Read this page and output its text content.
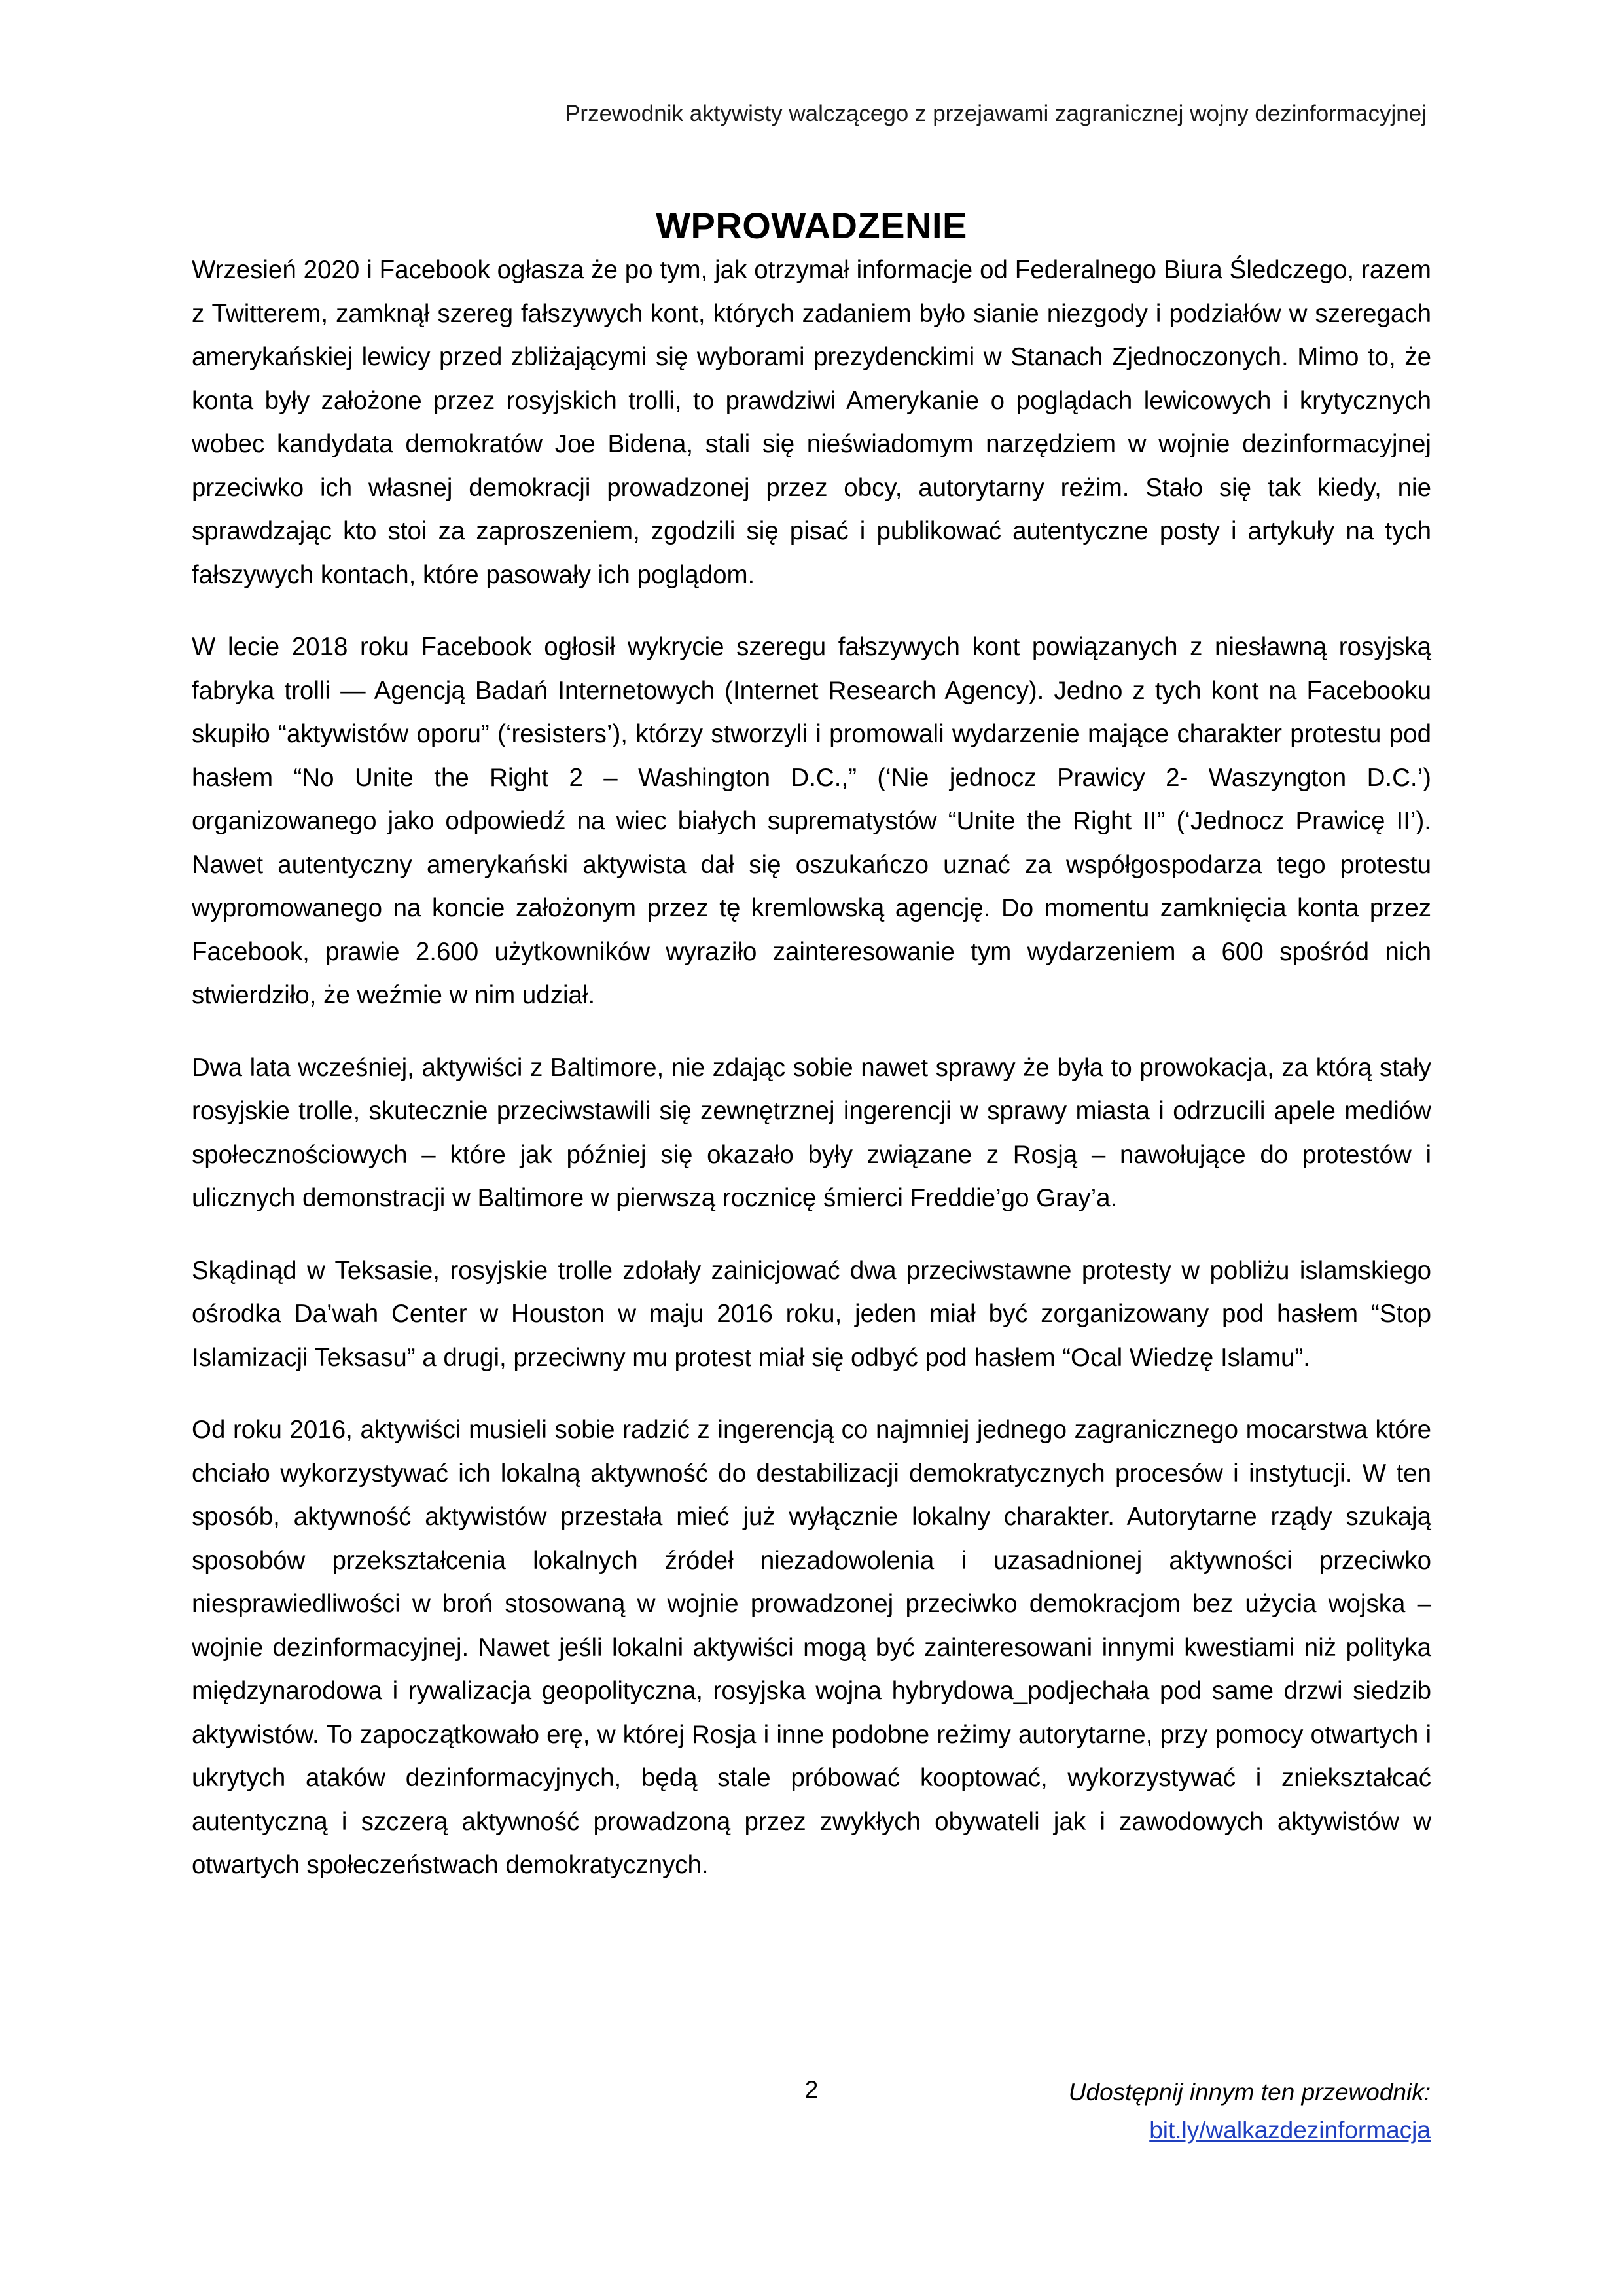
Przewodnik aktywisty walczącego z przejawami zagranicznej wojny dezinformacyjnej
WPROWADZENIE

Wrzesień 2020 i Facebook ogłasza że po tym, jak otrzymał informacje od Federalnego Biura Śledczego, razem z Twitterem, zamknął szereg fałszywych kont, których zadaniem było sianie niezgody i podziałów w szeregach amerykańskiej lewicy przed zbliżającymi się wyborami prezydenckimi w Stanach Zjednoczonych. Mimo to, że konta były założone przez rosyjskich trolli, to prawdziwi Amerykanie o poglądach lewicowych i krytycznych wobec kandydata demokratów Joe Bidena, stali się nieświadomym narzędziem w wojnie dezinformacyjnej przeciwko ich własnej demokracji prowadzonej przez obcy, autorytarny reżim. Stało się tak kiedy, nie sprawdzając kto stoi za zaproszeniem, zgodzili się pisać i publikować autentyczne posty i artykuły na tych fałszywych kontach, które pasowały ich poglądom.

W lecie 2018 roku Facebook ogłosił wykrycie szeregu fałszywych kont powiązanych z niesławną rosyjską fabryka trolli — Agencją Badań Internetowych (Internet Research Agency). Jedno z tych kont na Facebooku skupiło “aktywistów oporu” (‘resisters’), którzy stworzyli i promowali wydarzenie mające charakter protestu pod hasłem “No Unite the Right 2 – Washington D.C.,” (‘Nie jednocz Prawicy 2- Waszyngton D.C.’) organizowanego jako odpowiedź na wiec białych suprematystów “Unite the Right II” (‘Jednocz Prawicę II’). Nawet autentyczny amerykański aktywista dał się oszukańczo uznać za współgospodarza tego protestu wypromowanego na koncie założonym przez tę kremlowską agencję. Do momentu zamknięcia konta przez Facebook, prawie 2.600 użytkowników wyraziło zainteresowanie tym wydarzeniem a 600 spośród nich stwierdziło, że weźmie w nim udział.

Dwa lata wcześniej, aktywiści z Baltimore, nie zdając sobie nawet sprawy że była to prowokacja, za którą stały rosyjskie trolle, skutecznie przeciwstawili się zewnętrznej ingerencji w sprawy miasta i odrzucili apele mediów społecznościowych – które jak później się okazało były związane z Rosją – nawołujące do protestów i ulicznych demonstracji w Baltimore w pierwszą rocznicę śmierci Freddie’go Gray’a.

Skądinąd w Teksasie, rosyjskie trolle zdołały zainicjować dwa przeciwstawne protesty w pobliżu islamskiego ośrodka Da’wah Center w Houston w maju 2016 roku, jeden miał być zorganizowany pod hasłem “Stop Islamizacji Teksasu” a drugi, przeciwny mu protest miał się odbyć pod hasłem “Ocal Wiedzę Islamu”.

Od roku 2016, aktywiści musieli sobie radzić z ingerencją co najmniej jednego zagranicznego mocarstwa które chciało wykorzystywać ich lokalną aktywność do destabilizacji demokratycznych procesów i instytucji. W ten sposób, aktywność aktywistów przestała mieć już wyłącznie lokalny charakter. Autorytarne rządy szukają sposobów przekształcenia lokalnych źródeł niezadowolenia i uzasadnionej aktywności przeciwko niesprawiedliwości w broń stosowaną w wojnie prowadzonej przeciwko demokracjom bez użycia wojska – wojnie dezinformacyjnej. Nawet jeśli lokalni aktywiści mogą być zainteresowani innymi kwestiami niż polityka międzynarodowa i rywalizacja geopolityczna, rosyjska wojna hybrydowa_podjechała pod same drzwi siedzib aktywistów. To zapoczątkowało erę, w której Rosja i inne podobne reżimy autorytarne, przy pomocy otwartych i ukrytych ataków dezinformacyjnych, będą stale próbować kooptować, wykorzystywać i zniekształcać autentyczną i szczerą aktywność prowadzoną przez zwykłych obywateli jak i zawodowych aktywistów w otwartych społeczeństwach demokratycznych.

2	Udostępnij innym ten przewodnik:
bit.ly/walkazdezinformacja
